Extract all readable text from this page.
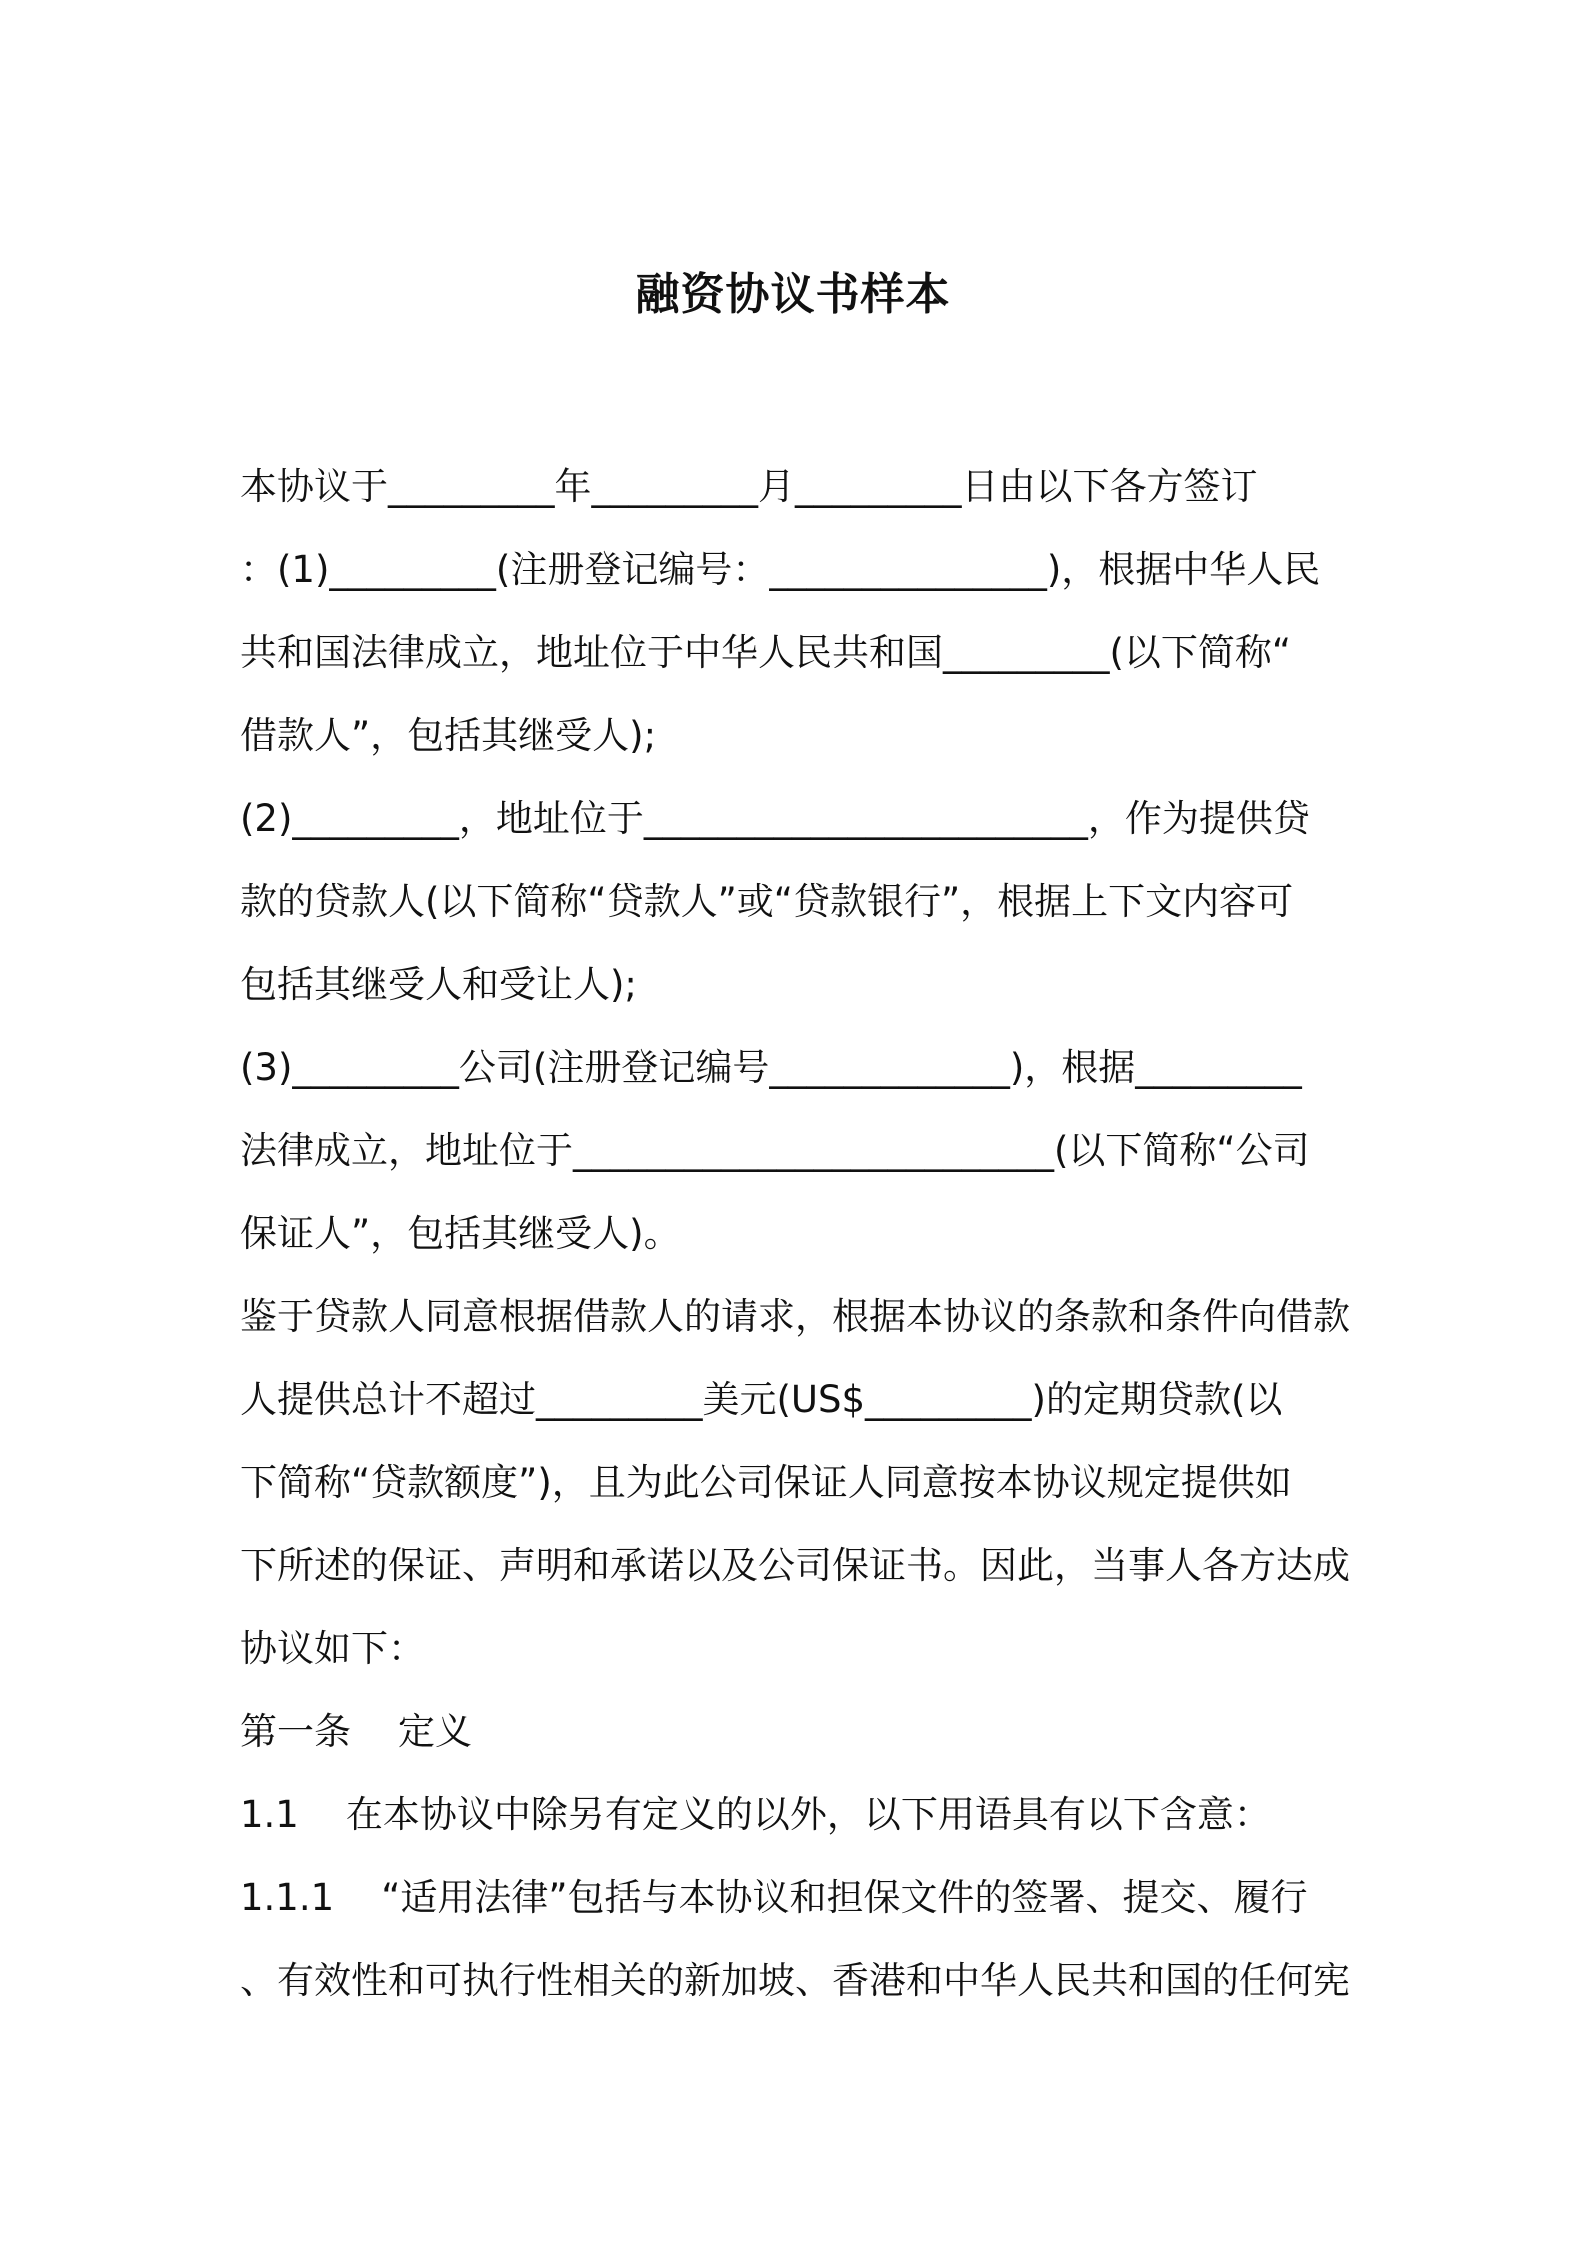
融资协议书样本

本协议于_________年_________月_________日由以下各方签订

：(1)_________(注册登记编号：_______________)，根据中华人民

共和国法律成立，地址位于中华人民共和国_________(以下简称“

借款人”，包括其继受人);

(2)_________，地址位于________________________，作为提供贷

款的贷款人(以下简称“贷款人”或“贷款银行”，根据上下文内容可

包括其继受人和受让人);

(3)_________公司(注册登记编号_____________)，根据_________

法律成立，地址位于__________________________(以下简称“公司

保证人”，包括其继受人)。

鉴于贷款人同意根据借款人的请求，根据本协议的条款和条件向借款

人提供总计不超过_________美元(US$_________)的定期贷款(以

下简称“贷款额度”)，且为此公司保证人同意按本协议规定提供如

下所述的保证、声明和承诺以及公司保证书。因此，当事人各方达成

协议如下：

第一条    定义

1.1    在本协议中除另有定义的以外，以下用语具有以下含意：

1.1.1    “适用法律”包括与本协议和担保文件的签署、提交、履行

、有效性和可执行性相关的新加坡、香港和中华人民共和国的任何宪
